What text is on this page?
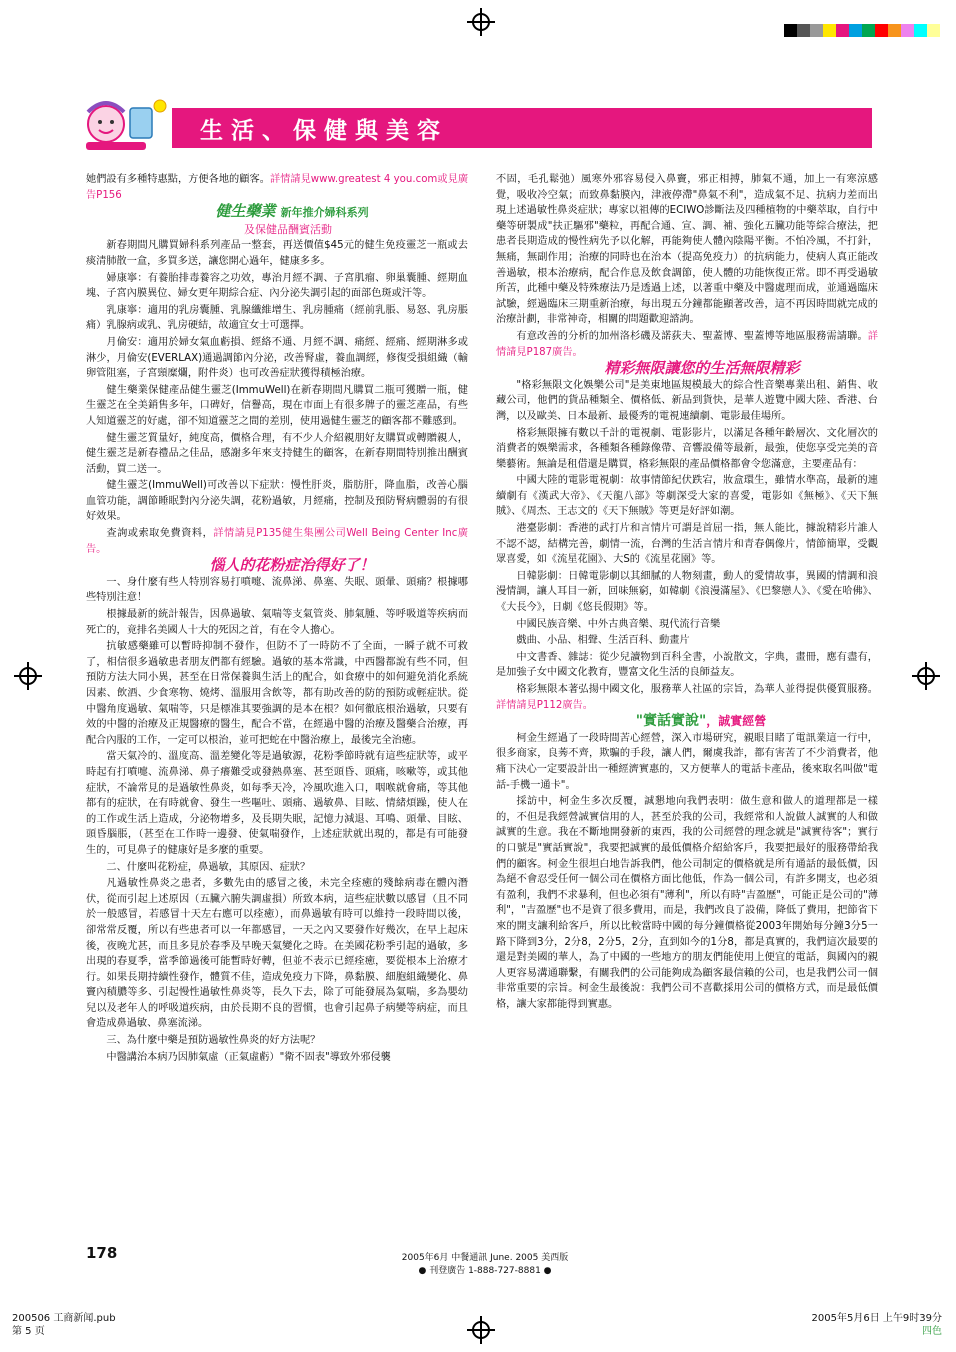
生活、保健與美容

她們設有多種特惠點，方便各地的顧客。詳情請見www.greatest 4 you.com或見廣告P156

健生藥業 新年推介婦科系列

及保健品酬賓活動

新春期間凡購買婦科系列產品一整套，再送價值$45元的健生免疫靈芝一瓶或去痰清肺散一盒，多買多送，讓您開心過年，健康多多。

婦康寧：有養胎排毒養容之功效，專治月經不調、子宮肌瘤、卵巢囊腫、經期血塊、子宮內膜異位、婦女更年期綜合症、內分泌失調引起的面部色斑或汗等。

乳康寧：適用的乳房囊腫、乳腺纖維增生、乳房腫痛（經前乳脹、易怒、乳房脹痛）乳腺病或乳、乳房硬結，故適宜女士可選擇。

月倫安：適用於婦女氣血虧損、經絡不通、月經不調、痛經、經痛、經期淋多或淋少，月倫安(EVERLAX)通過調節內分泌，改善腎虛，養血調經，修復受損組織（輸卵管阻塞，子宮頸糜爛，附件炎）也可改善症狀獲得積極治療。

健生藥業保健產品健生靈芝(ImmuWell)在新春期間凡購買二瓶可獲贈一瓶，健生靈芝在全美銷售多年，口碑好，信譽高，現在市面上有很多牌子的靈芝產品，有些人知道靈芝的好處，卻不知道靈芝之間的差別，使用過健生靈芝的顧客都不難感到。

健生靈芝質量好，純度高，價格合理，有不少人介紹親朋好友購買或轉贈親人，健生靈芝是新春禮品之佳品，感謝多年來支持健生的顧客，在新春期間特別推出酬賓活動，買二送一。

健生靈芝(ImmuWell)可改善以下症狀：慢性肝炎，脂肪肝，降血脂，改善心腦血管功能，調節睡眠對內分泌失調，花粉過敏，月經痛，控制及預防腎病體弱的有很好效果。

查詢或索取免費資料，詳情請見P135健生集團公司Well Being Center Inc廣告。

惱人的花粉症治得好了！

一、身什麼有些人特別容易打噴嚏、流鼻涕、鼻塞、失眠、頭暈、頭痛？根據哪些特別注意！

根據最新的統計報告，因鼻過敏、氣喘等支氣管炎、肺氣腫、等呼吸道等疾病而死亡的，竟排名美國人十大的死因之首，有在令人擔心。

抗敏感藥雖可以暫時抑制不發作，但防不了一時防不了全面，一瞬子就不可救了，相信很多過敏患者朋友們都有經驗。過敏的基本常識，中西醫都說有些不同，但預防方法大同小異，甚至在日常保養與生活上的配合，如食療中的如何避免消化系統因素、飲酒、少食寒物、燒烤、溫服用含飲等，都有助改善的防的預防或輕症狀。從中醫角度過敏、氣喘等，只是標准其要強調的是本在根？如何徹底根治過敏，只要有效的中醫的治療及正規醫療的醫生，配合不當，在經過中醫的治療及醫藥合治療，再配合內服的工作，一定可以根治，並可把蛇在中醫治療上，最後完全治癒。

當天氣冷的、溫度高、溫差變化等是過敏源，花粉季節時就有這些症狀等，或平時起有打噴嚏、流鼻涕、鼻子癢難受或發熱鼻塞、甚至頭昏、頭痛，咳嗽等，或其他症狀，不論常見的是過敏性鼻炎，如每季天冷，冷風吹進入口，咽喉就會痛，等其他都有的症狀，在有時就會、發生一些嘔吐、頭痛、過敏鼻、目眩、情緒煩躁，使人在的工作或生活上造成，分泌物增多，及長期失眠，記憶力減退、耳鳴、頭暈、目眩、頭昏腦脹，（甚至在工作時一邊發、使氣喘發作，上述症狀就出現的，都是有可能發生的，可見鼻子的健康好是多麼的重要。

二、什麼叫花粉症，鼻過敏，其原因、症狀？

凡過敏性鼻炎之患者，多數先由的感冒之後，未完全痊癒的殘餘病毒在體內潛伏，從而引起上述原因（五臟六腑失調虛損）所致本病，這些症狀數以感冒（且不同於一般感冒，若感冒十天左右應可以痊癒），而鼻過敏有時可以維持一段時間以後，卻常常反覆，所以有些患者可以一年都感冒，一天之內又要發作好幾次，在早上起床後，夜晚尤甚，而且多見於春季及早晚天氣變化之時。在美國花粉季引起的過敏，多出現的春夏季，當季節過後可能暫時好轉，但並不表示已經痊癒，要從根本上治療才行。如果長期持續性發作，體質不佳，造成免疫力下降，鼻黏膜、細胞組織變化、鼻竇內積膿等多、引起慢性過敏性鼻炎等，長久下去，除了可能發展為氣喘，多為嬰幼兒以及老年人的呼吸道疾病，由於長期不良的習慣，也會引起鼻子病變等病症，而且會造成鼻過敏、鼻塞流涕。

三、為什麼中藥是預防過敏性鼻炎的好方法呢？

中醫講治本病乃因肺氣虛（正氣虛虧）"衛不固表"導致外邪侵襲

不固，毛孔鬆弛）風寒外邪容易侵入鼻竇，邪正相搏，肺氣不通，加上一有寒涼感覺，吸收冷空氣；而致鼻黏膜內，津液停滯"鼻氣不利"，造成氣不足、抗病力差而出現上述過敏性鼻炎症狀；專家以祖傳的ECIWO診斷法及四種植物的中藥萃取，自行中藥等研製成"扶正驅邪"藥粒，再配合通、宣、調、補、強化五臟功能等綜合療法，把患者長期造成的慢性病先予以化解，再能夠使人體內陰陽平衡。不怕冷風，不打針，無痛，無副作用；治療的同時也在治本（提高免疫力）的抗病能力，使病人真正能改善過敏，根本治療病，配合作息及飲食調節，使人體的功能恢復正常。即不再受過敏所苦，此種中藥及特殊療法乃是透過上述，以著重中藥及中醫處理而成，並通過臨床試驗，經過臨床三期重新治療，每出現五分鐘都能顯著改善，這不再因時間就完成的治療計劃，非常神奇，相關的問題歡迎諮詢。

有意改善的分析的加州洛杉磯及諾荻夫、聖蓋博、聖蓋博等地區服務需請聯。詳情請見P187廣告。

精彩無限讓您的生活無限精彩

"格彩無限文化娛樂公司"是美東地區規模最大的綜合性音樂專業出租、銷售、收藏公司，他們的貨品種類全、價格低、新品到貨快，是華人遊覽中國大陸、香港、台灣，以及歐美、日本最新、最優秀的電視連續劇、電影最佳場所。

格彩無限擁有數以千計的電視劇、電影影片，以滿足各種年齡層次、文化層次的消費者的娛樂需求，各種類各種錄像帶、音響設備等最新，最強，使您享受完美的音樂藝術。無論是租借還是購買，格彩無限的產品價格都會令您滿意，主要產品有：

中國大陸的電影電視劇：故事情節紀伏跌宕，妝盒環生，雖情水準高，最新的連續劇有《漢武大帝》、《天龍八部》等劇深受大家的喜愛，電影如《無極》、《天下無賊》、《周杰、王志文的《天下無賊》等更是好評如潮。

港臺影劇：香港的武打片和言情片可謂是首屈一指，無人能比，據說精彩片誰人不認不認，結構完善，劇情一流，台灣的生活言情片和青春偶像片，情節簡單，受觀眾喜愛，如《流星花園》、大S的《流星花園》等。

日韓影劇：日韓電影劇以其細膩的人物刻畫，動人的愛情故事，異國的情調和浪漫情調，讓人耳目一新，回味無窮，如韓劇《浪漫滿屋》、《巴黎戀人》、《愛在哈佛》、《大長今》，日劇《悠長假期》等。

中國民族音樂、中外古典音樂、現代流行音樂

戲曲、小品、相聲、生活百科、動畫片

中文書香、雜誌：從少兒讀物到百科全書，小說散文，字典，畫冊，應有盡有，是加強子女中國文化教育，豐富文化生活的良師益友。

格彩無限本著弘揚中國文化，服務華人社區的宗旨，為華人並得提供優質服務。詳情請見P112廣告。

"實話實說"，誠實經營

柯金生經過了一段時間苦心經營，深入市場研究，親眼目睹了電訊業這一行中，很多商家，良莠不齊，欺騙的手段，讓人們，爾虞我詐，都有害苦了不少消費者，他痛下決心一定要設計出一種經濟實惠的，又方便華人的電話卡產品，後來取名叫做"電話-手機一通卡"。

採訪中，柯金生多次反覆，誠懇地向我們表明：做生意和做人的道理都是一樣的，不但是我經營誠實信用的人，甚至於我的公司，我經常和人說做人誠實的人和做誠實的生意。我在不斷地開發新的東西，我的公司經營的理念就是"誠實待客"；實行的口號是"實話實說"，我要把誠實的最低價格介紹給客戶，我要把最好的服務帶給我們的顧客。柯金生很坦白地告訴我們，他公司制定的價格就是所有通話的最低價，因為絕不會忍受任何一個公司在價格方面比他低，作為一個公司，有許多開支，也必須有盈利，我們不求暴利，但也必須有"薄利"，所以有時"吉盈歷"，可能正是公司的"薄利"，"吉盈歷"也不是資了很多費用，而是，我們改良了設備，降低了費用，把節省下來的開支讓利給客戶，所以比較當時中國的每分鐘價格從2003年開始每分鐘3分5一路下降到3分，2分8，2分5，2分，直到如今的1分8，都是真實的，我們這次最要的還是對美國的華人，為了中國的一些地方的朋友們能使用上便宜的電話，與國內的親人更容易溝通聯繫，有關我們的公司能夠成為顧客最信賴的公司，也是我們公司一個非常重要的宗旨。柯金生最後說：我們公司不喜歡採用公司的價格方式，而是最低價格，讓大家都能得到實惠。

178	2005年6月 中餐通訊 June. 2005 美西版
● 刊登廣告 1-888-727-8881 ●
200506 工商新闻.pub
第 5 页
2005年5月6日 上午9时39分
四色
